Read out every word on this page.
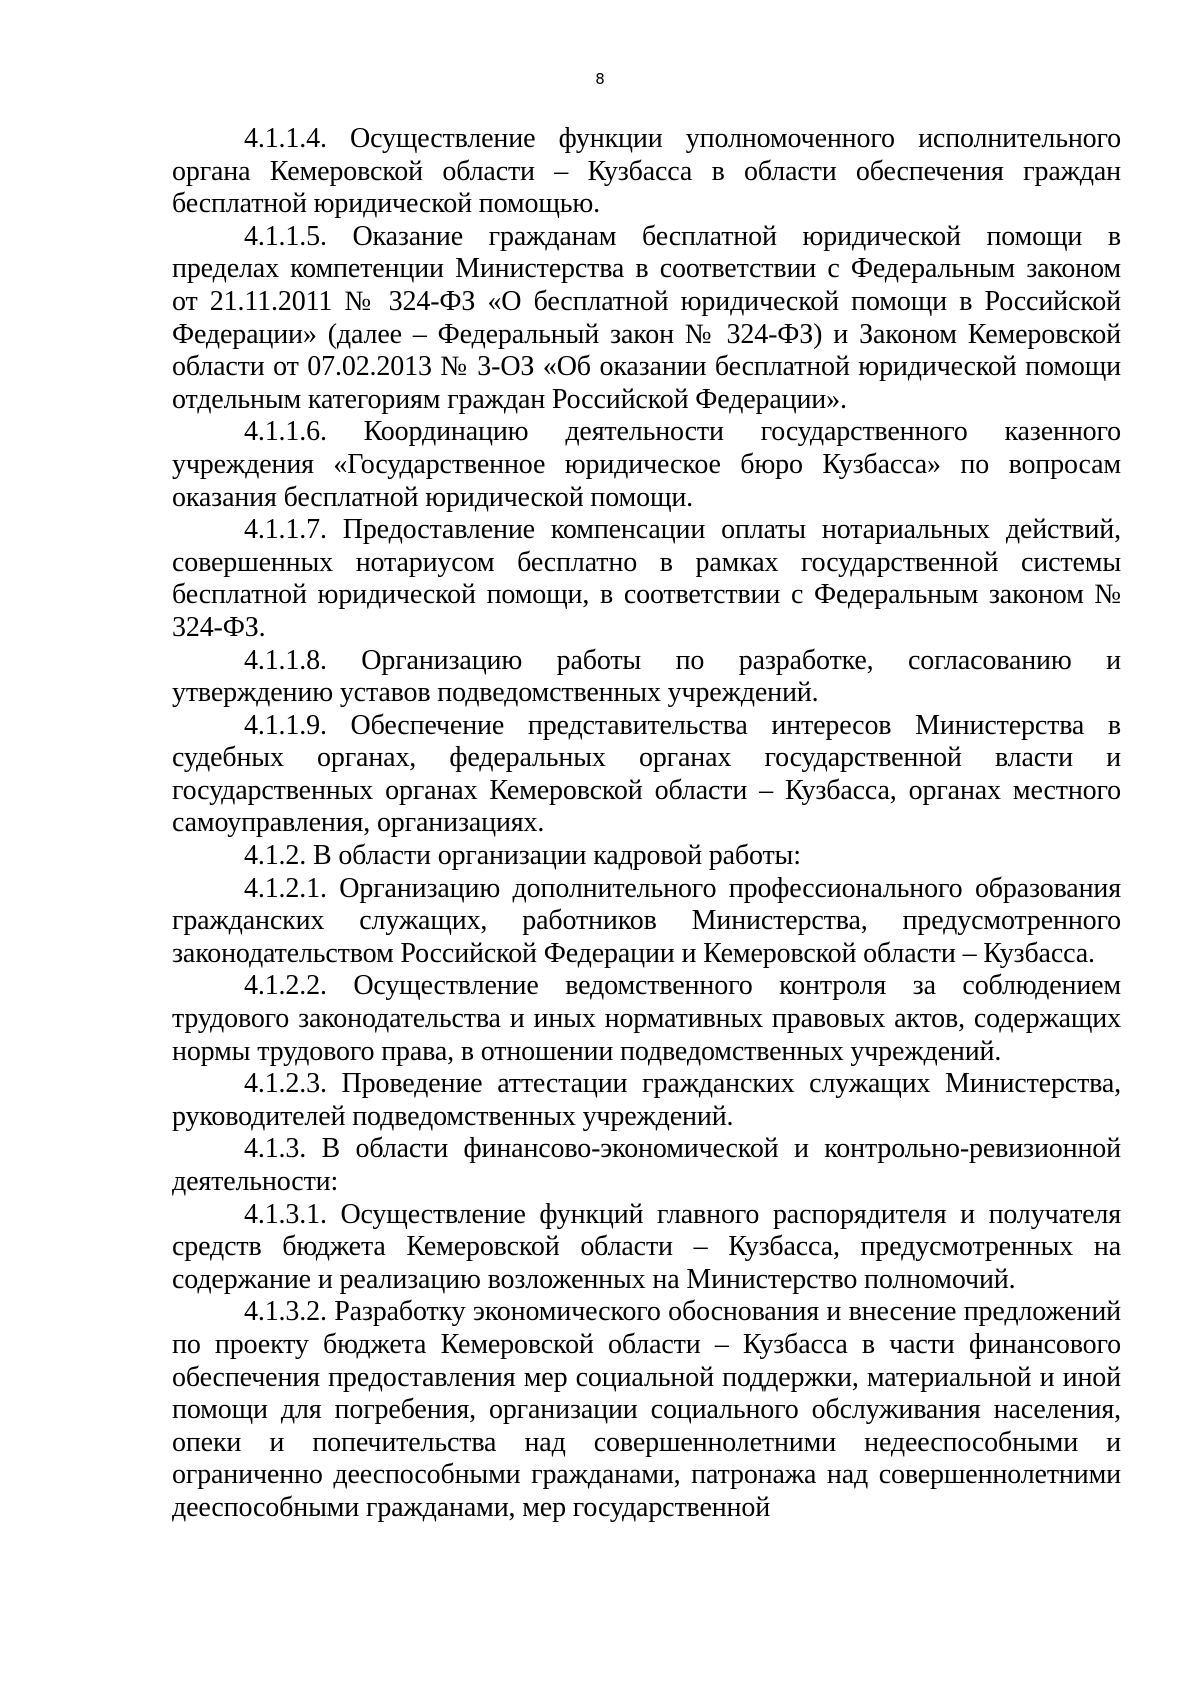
8

4.1.1.4. Осуществление функции уполномоченного исполнительного органа Кемеровской области – Кузбасса в области обеспечения граждан бесплатной юридической помощью.

4.1.1.5. Оказание гражданам бесплатной юридической помощи в пределах компетенции Министерства в соответствии с Федеральным законом от 21.11.2011 № 324-ФЗ «О бесплатной юридической помощи в Российской Федерации» (далее – Федеральный закон № 324-ФЗ) и Законом Кемеровской области от 07.02.2013 № 3-ОЗ «Об оказании бесплатной юридической помощи отдельным категориям граждан Российской Федерации».

4.1.1.6. Координацию деятельности государственного казенного учреждения «Государственное юридическое бюро Кузбасса» по вопросам оказания бесплатной юридической помощи.

4.1.1.7. Предоставление компенсации оплаты нотариальных действий, совершенных нотариусом бесплатно в рамках государственной системы бесплатной юридической помощи, в соответствии с Федеральным законом № 324-ФЗ.

4.1.1.8. Организацию работы по разработке, согласованию и утверждению уставов подведомственных учреждений.

4.1.1.9. Обеспечение представительства интересов Министерства в судебных органах, федеральных органах государственной власти и государственных органах Кемеровской области – Кузбасса, органах местного самоуправления, организациях.

4.1.2. В области организации кадровой работы:

4.1.2.1. Организацию дополнительного профессионального образования гражданских служащих, работников Министерства, предусмотренного законодательством Российской Федерации и Кемеровской области – Кузбасса.

4.1.2.2. Осуществление ведомственного контроля за соблюдением трудового законодательства и иных нормативных правовых актов, содержащих нормы трудового права, в отношении подведомственных учреждений.

4.1.2.3. Проведение аттестации гражданских служащих Министерства, руководителей подведомственных учреждений.

4.1.3. В области финансово-экономической и контрольно-ревизионной деятельности:

4.1.3.1. Осуществление функций главного распорядителя и получателя средств бюджета Кемеровской области – Кузбасса, предусмотренных на содержание и реализацию возложенных на Министерство полномочий.

4.1.3.2. Разработку экономического обоснования и внесение предложений по проекту бюджета Кемеровской области – Кузбасса в части финансового обеспечения предоставления мер социальной поддержки, материальной и иной помощи для погребения, организации социального обслуживания населения, опеки и попечительства над совершеннолетними недееспособными и ограниченно дееспособными гражданами, патронажа над совершеннолетними дееспособными гражданами, мер государственной
